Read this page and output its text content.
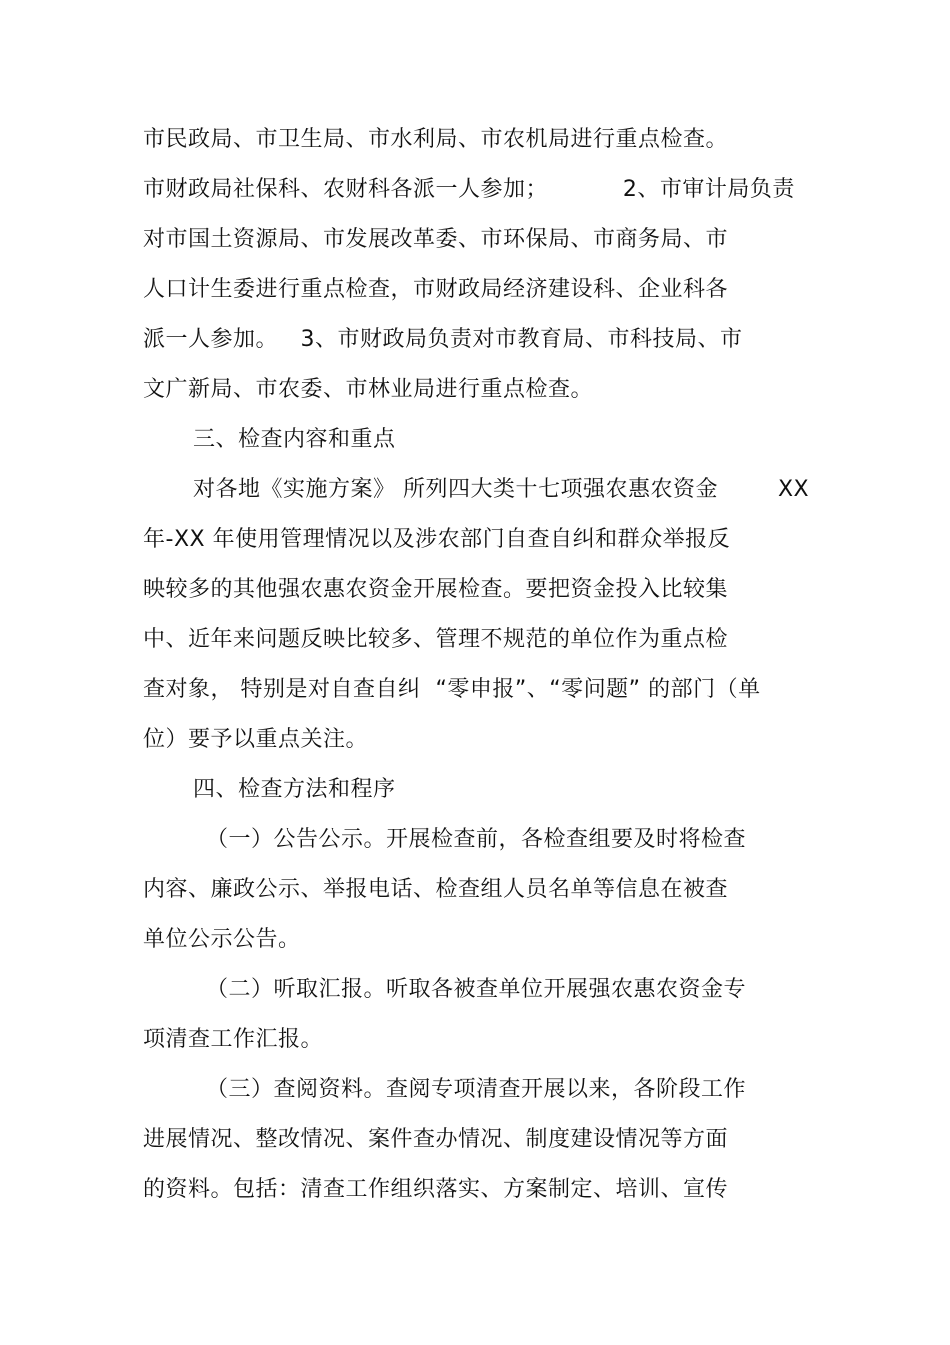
市民政局、市卫生局、市水利局、市农机局进行重点检查。
市财政局社保科、农财科各派一人参加；          2、市审计局负责
对市国土资源局、市发展改革委、市环保局、市商务局、市
人口计生委进行重点检查，市财政局经济建设科、企业科各
派一人参加。   3、市财政局负责对市教育局、市科技局、市
文广新局、市农委、市林业局进行重点检查。
三、检查内容和重点
对各地《实施方案》 所列四大类十七项强农惠农资金        XX
年-XX 年使用管理情况以及涉农部门自查自纠和群众举报反
映较多的其他强农惠农资金开展检查。要把资金投入比较集
中、近年来问题反映比较多、管理不规范的单位作为重点检
查对象， 特别是对自查自纠  “零申报”、“零问题” 的部门（单
位）要予以重点关注。
四、检查方法和程序
（一）公告公示。开展检查前，各检查组要及时将检查
内容、廉政公示、举报电话、检查组人员名单等信息在被查
单位公示公告。
（二）听取汇报。听取各被查单位开展强农惠农资金专
项清查工作汇报。
（三）查阅资料。查阅专项清查开展以来，各阶段工作
进展情况、整改情况、案件查办情况、制度建设情况等方面
的资料。包括：清查工作组织落实、方案制定、培训、宣传
